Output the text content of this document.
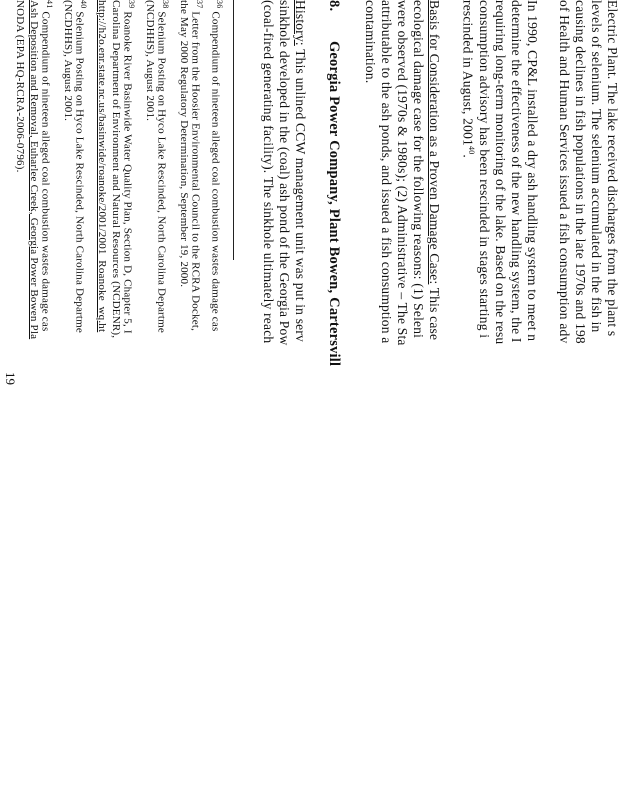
Electric Plant. The lake received discharges from the plant s
levels of selenium. The selenium accumulated in the fish in
causing declines in fish populations in the late 1970s and 198
of Health and Human Services issued a fish consumption adv
In 1990, CP&L installed a dry ash handling system to meet n
determine the effectiveness of the new handling system, the I
requiring long-term monitoring of the lake. Based on the resu
consumption advisory has been rescinded in stages starting i
rescinded in August, 2001$^{40}$.
Basis for Consideration as a Proven Damage Case: This case
ecological damage case for the following reasons: (1) Seleni
were observed (1970s & 1980s); (2) Administrative – The Sta
attributable to the ash ponds, and issued a fish consumption a
contamination.
8.  Georgia Power Company, Plant Bowen, Cartersvill
History: This unlined CCW management unit was put in serv
sinkhole developed in the (coal) ash pond of the Georgia Pow
(coal-fired generating facility). The sinkhole ultimately reach
$^{36}$ Compendium of nineteen alleged coal combustion wastes damage cas
$^{37}$ Letter from the Hoosier Environmental Council to the RCRA Docket,
the May 2000 Regulatory Determination, September 19, 2000.
$^{38}$ Selenium Posting on Hyco Lake Rescinded, North Carolina Departme
(NCDHHS), August 2001.
$^{39}$ Roanoke River Basinwide Water Quality Plan, Section D, Chapter 5, I
Carolina Department of Environment and Natural Resources (NCDENR),
http://h2o.enr.state.nc.us/basinwide/roanoke/2001/2001_Roanoke_wq.ht
$^{40}$ Selenium Posting on Hyco Lake Rescinded, North Carolina Departme
(NCDHHS), August 2001.
$^{41}$ Compendium of nineteen alleged coal combustion wastes damage cas
Ash Deposition and Removal, Euharlee Creek, Georgia Power Bowen Pla
NODA (EPA HQ-RCRA-2006-0796).
19
